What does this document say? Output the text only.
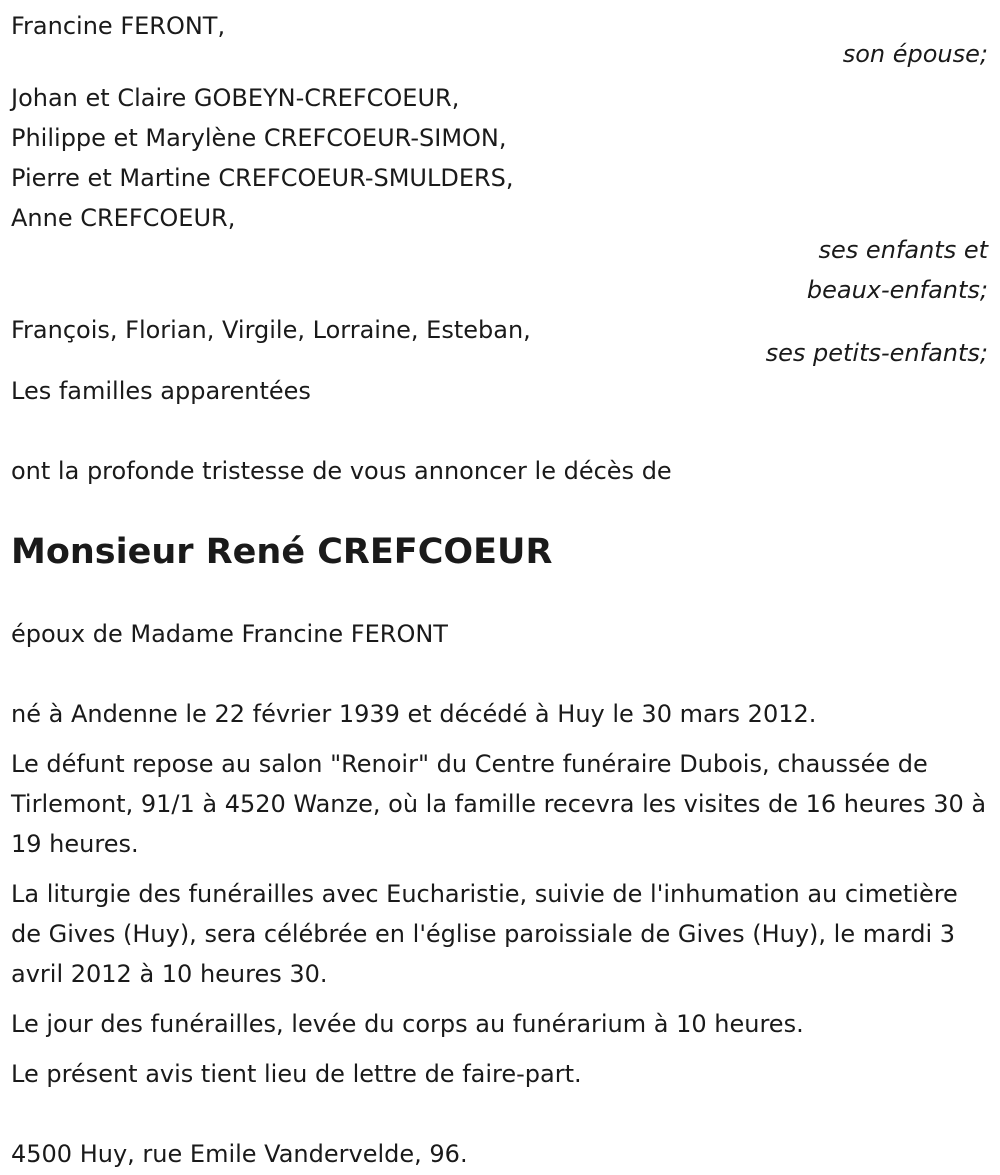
Francine FERONT,
son épouse;
Johan et Claire GOBEYN-CREFCOEUR,
Philippe et Marylène CREFCOEUR-SIMON,
Pierre et Martine CREFCOEUR-SMULDERS,
Anne CREFCOEUR,
ses enfants et
beaux-enfants;
François, Florian, Virgile, Lorraine, Esteban,
ses petits-enfants;
Les familles apparentées
ont la profonde tristesse de vous annoncer le décès de
Monsieur René CREFCOEUR
époux de Madame Francine FERONT

né à Andenne le 22 février 1939 et décédé à Huy le 30 mars 2012.

Le défunt repose au salon "Renoir" du Centre funéraire Dubois, chaussée de Tirlemont, 91/1 à 4520 Wanze, où la famille recevra les visites de 16 heures 30 à 19 heures.

La liturgie des funérailles avec Eucharistie, suivie de l'inhumation au cimetière de Gives (Huy), sera célébrée en l'église paroissiale de Gives (Huy), le mardi 3 avril 2012 à 10 heures 30.

Le jour des funérailles, levée du corps au funérarium à 10 heures.

Le présent avis tient lieu de lettre de faire-part.

4500 Huy, rue Emile Vandervelde, 96.
